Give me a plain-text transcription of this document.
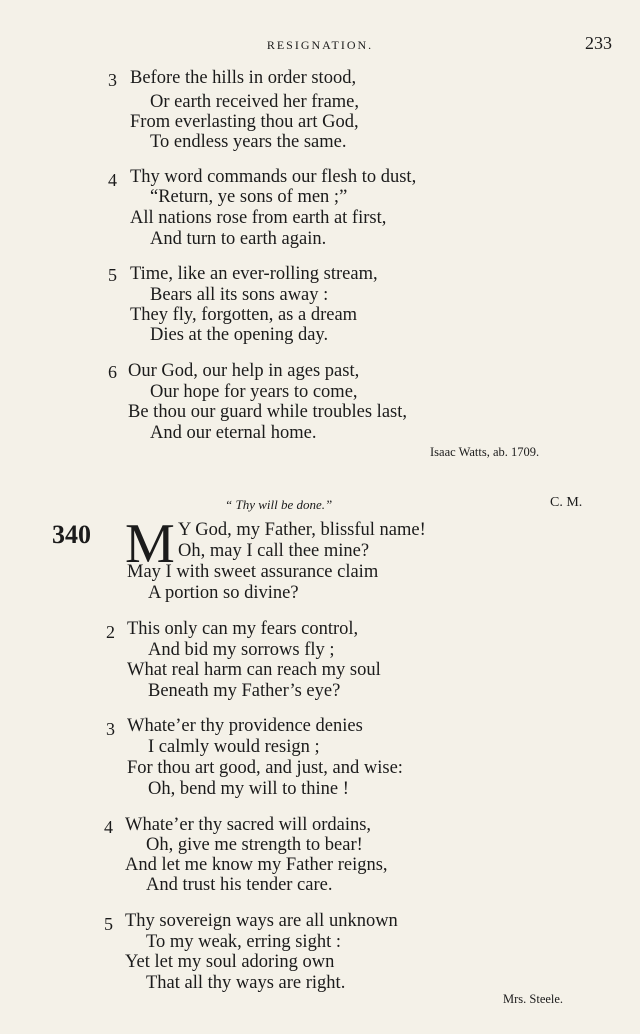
RESIGNATION.	233
3 Before the hills in order stood,
Or earth received her frame,
From everlasting thou art God,
To endless years the same.
4 Thy word commands our flesh to dust,
“Return, ye sons of men ;”
All nations rose from earth at first,
And turn to earth again.
5 Time, like an ever-rolling stream,
Bears all its sons away :
They fly, forgotten, as a dream
Dies at the opening day.
6 Our God, our help in ages past,
Our hope for years to come,
Be thou our guard while troubles last,
And our eternal home.
Isaac Watts, ab. 1709.
“ Thy will be done.”	C. M.
340 M Y God, my Father, blissful name!
Oh, may I call thee mine?
May I with sweet assurance claim
A portion so divine?
2 This only can my fears control,
And bid my sorrows fly ;
What real harm can reach my soul
Beneath my Father’s eye?
3 Whate’er thy providence denies
I calmly would resign ;
For thou art good, and just, and wise:
Oh, bend my will to thine !
4 Whate’er thy sacred will ordains,
Oh, give me strength to bear!
And let me know my Father reigns,
And trust his tender care.
5 Thy sovereign ways are all unknown
To my weak, erring sight :
Yet let my soul adoring own
That all thy ways are right.
Mrs. Steele.
